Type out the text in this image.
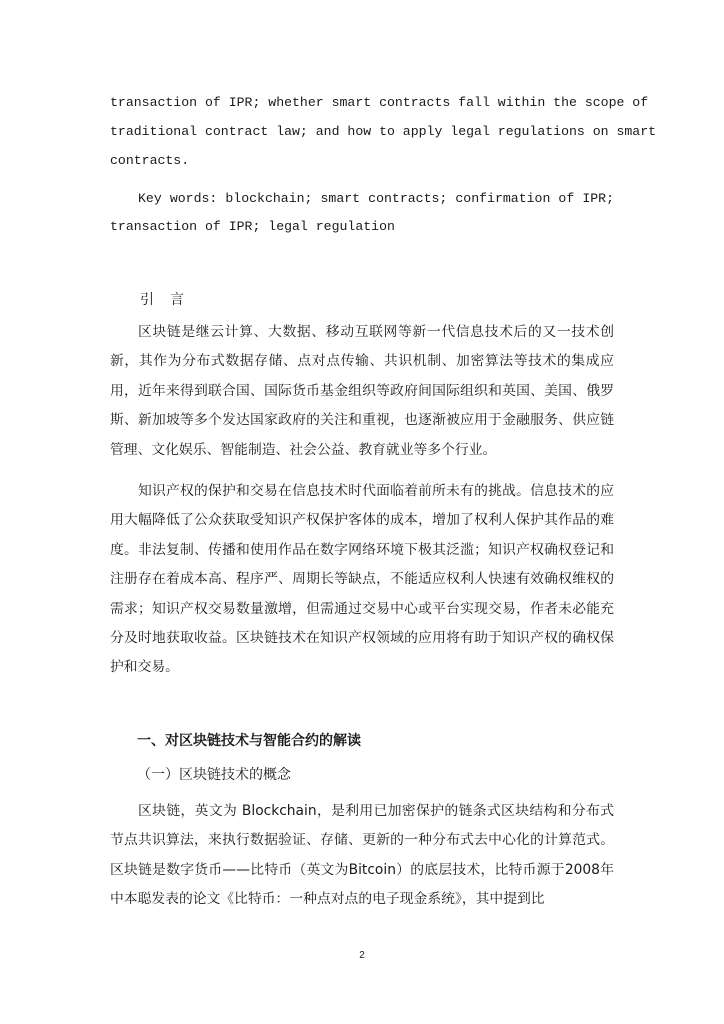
transaction of IPR; whether smart contracts fall within the scope of
traditional contract law; and how to apply legal regulations on smart
contracts.
Key words: blockchain; smart contracts; confirmation of IPR;
transaction of IPR; legal regulation
引言

区块链是继云计算、大数据、移动互联网等新一代信息技术后的又一技术创新，其作为分布式数据存储、点对点传输、共识机制、加密算法等技术的集成应用，近年来得到联合国、国际货币基金组织等政府间国际组织和英国、美国、俄罗斯、新加坡等多个发达国家政府的关注和重视，也逐渐被应用于金融服务、供应链管理、文化娱乐、智能制造、社会公益、教育就业等多个行业。

知识产权的保护和交易在信息技术时代面临着前所未有的挑战。信息技术的应用大幅降低了公众获取受知识产权保护客体的成本，增加了权利人保护其作品的难度。非法复制、传播和使用作品在数字网络环境下极其泛滥；知识产权确权登记和注册存在着成本高、程序严、周期长等缺点，不能适应权利人快速有效确权维权的需求；知识产权交易数量激增，但需通过交易中心或平台实现交易，作者未必能充分及时地获取收益。区块链技术在知识产权领域的应用将有助于知识产权的确权保护和交易。

一、对区块链技术与智能合约的解读
（一）区块链技术的概念

区块链，英文为 Blockchain，是利用已加密保护的链条式区块结构和分布式节点共识算法，来执行数据验证、存储、更新的一种分布式去中心化的计算范式。区块链是数字货币——比特币（英文为Bitcoin）的底层技术，比特币源于2008年中本聪发表的论文《比特币：一种点对点的电子现金系统》，其中提到比

2
